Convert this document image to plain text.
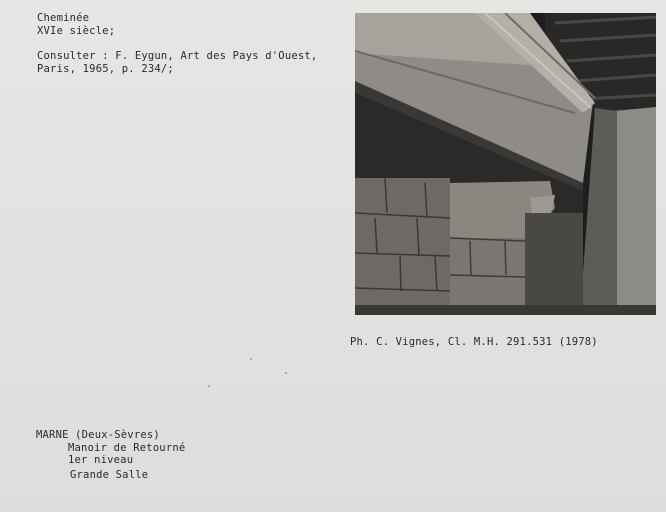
Cheminée
XVIe siècle;
Consulter : F. Eygun, Art des Pays d'Ouest,
Paris, 1965, p. 234/;
Ph. C. Vignes, Cl. M.H. 291.531 (1978)
MARNE (Deux-Sèvres)
Manoir de Retourné
1er niveau
Grande Salle
